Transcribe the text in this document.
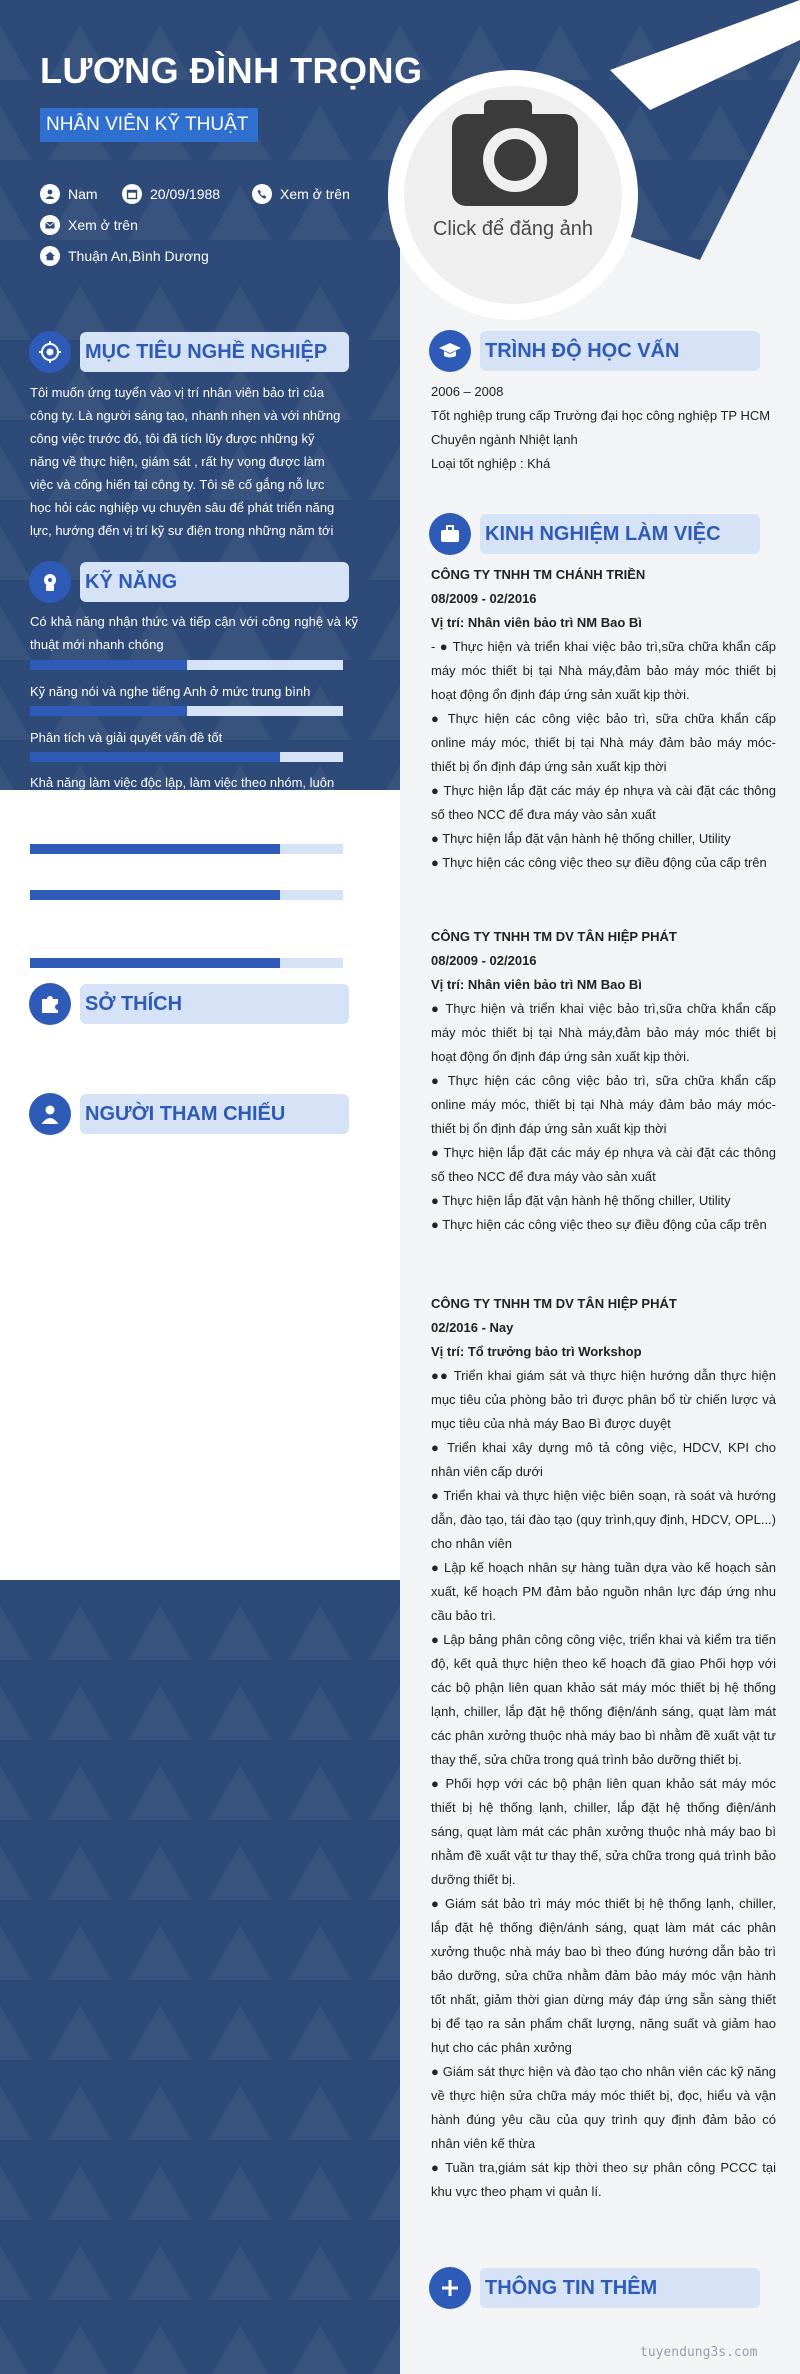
LƯƠNG ĐÌNH TRỌNG
NHÂN VIÊN KỸ THUẬT
Nam	20/09/1988	Xem ở trên
Xem ở trên
Thuận An,Bình Dương
Click để đăng ảnh
MỤC TIÊU NGHỀ NGHIỆP
Tôi muốn ứng tuyển vào vị trí nhân viên bảo trì của
công ty. Là người sáng tạo, nhanh nhẹn và với những
công việc trước đó, tôi đã tích lũy được những kỹ
năng về thực hiện, giám sát , rất hy vọng được làm
việc và cống hiến tại công ty. Tôi sẽ cố gắng nỗ lực
học hỏi các nghiệp vụ chuyên sâu để phát triển năng
lực, hướng đến vị trí kỹ sư điện trong những năm tới
KỸ NĂNG
Có khả năng nhận thức và tiếp cận với công nghệ và kỹ thuật mới nhanh chóng
Kỹ năng nói và nghe tiếng Anh ở mức trung bình
Phân tích và giải quyết vấn đề tốt
Khả năng làm việc độc lập, làm việc theo nhóm, luôn
SỞ THÍCH
NGƯỜI THAM CHIẾU
TRÌNH ĐỘ HỌC VẤN
2006 – 2008
Tốt nghiệp trung cấp Trường đại học công nghiệp TP HCM
Chuyên ngành Nhiệt lạnh
Loại tốt nghiệp : Khá
KINH NGHIỆM LÀM VIỆC
CÔNG TY TNHH TM CHÁNH TRIỀN
08/2009 - 02/2016
Vị trí: Nhân viên bảo trì NM Bao Bì
- ● Thực hiện và triển khai việc bảo trì,sữa chữa khẩn cấp máy móc thiết bị tại Nhà máy,đảm bảo máy móc thiết bị hoạt động ổn định đáp ứng sản xuất kịp thời.
● Thực hiện các công việc bảo trì, sữa chữa khẩn cấp online máy móc, thiết bị tại Nhà máy đảm bảo máy móc-thiết bị ổn định đáp ứng sản xuất kịp thời
● Thực hiện lắp đặt các máy ép nhựa và cài đặt các thông số theo NCC để đưa máy vào sản xuất
● Thực hiện lắp đặt vận hành hệ thống chiller, Utility
● Thực hiện các công việc theo sự điều động của cấp trên
CÔNG TY TNHH TM DV TÂN HIỆP PHÁT
08/2009 - 02/2016
Vị trí: Nhân viên bảo trì NM Bao Bì
● Thực hiện và triển khai việc bảo trì,sữa chữa khẩn cấp máy móc thiết bị tại Nhà máy,đảm bảo máy móc thiết bị hoạt động ổn định đáp ứng sản xuất kịp thời.
● Thực hiện các công việc bảo trì, sữa chữa khẩn cấp online máy móc, thiết bị tại Nhà máy đảm bảo máy móc-thiết bị ổn định đáp ứng sản xuất kịp thời
● Thực hiện lắp đặt các máy ép nhựa và cài đặt các thông số theo NCC để đưa máy vào sản xuất
● Thực hiện lắp đặt vận hành hệ thống chiller, Utility
● Thực hiện các công việc theo sự điều động của cấp trên
CÔNG TY TNHH TM DV TÂN HIỆP PHÁT
02/2016 - Nay
Vị trí: Tổ trưởng bảo trì Workshop
●● Triển khai giám sát và thực hiện hướng dẫn thực hiện mục tiêu của phòng bảo trì được phân bổ từ chiến lược và mục tiêu của nhà máy Bao Bì được duyệt
● Triển khai xây dựng mô tả công việc, HDCV, KPI cho nhân viên cấp dưới
● Triển khai và thực hiện việc biên soạn, rà soát và hướng dẫn, đào tạo, tái đào tạo (quy trình,quy định, HDCV, OPL...) cho nhân viên
● Lập kế hoạch nhân sự hàng tuần dựa vào kế hoạch sản xuất, kế hoạch PM đảm bảo nguồn nhân lực đáp ứng nhu cầu bảo trì.
● Lập bảng phân công công việc, triển khai và kiểm tra tiến độ, kết quả thực hiện theo kế hoạch đã giao Phối hợp với các bộ phận liên quan khảo sát máy móc thiết bị hệ thống lạnh, chiller, lắp đặt hệ thống điện/ánh sáng, quạt làm mát các phân xưởng thuộc nhà máy bao bì nhằm đề xuất vật tư thay thế, sửa chữa trong quá trình bảo dưỡng thiết bị.
● Phối hợp với các bộ phận liên quan khảo sát máy móc thiết bị hệ thống lạnh, chiller, lắp đặt hệ thống điện/ánh sáng, quạt làm mát các phân xưởng thuộc nhà máy bao bì nhằm đề xuất vật tư thay thế, sửa chữa trong quá trình bảo dưỡng thiết bị.
● Giám sát bảo trì máy móc thiết bị hệ thống lạnh, chiller, lắp đặt hệ thống điện/ánh sáng, quạt làm mát các phân xưởng thuộc nhà máy bao bì theo đúng hướng dẫn bảo trì bảo dưỡng, sửa chữa nhằm đảm bảo máy móc vận hành tốt nhất, giảm thời gian dừng máy đáp ứng sẵn sàng thiết bị để tạo ra sản phẩm chất lượng, năng suất và giảm hao hụt cho các phân xưởng
● Giám sát thực hiện và đào tạo cho nhân viên các kỹ năng về thực hiện sửa chữa máy móc thiết bị, đọc, hiểu và vận hành đúng yêu cầu của quy trình quy định đảm bảo có nhân viên kế thừa
● Tuần tra,giám sát kịp thời theo sự phân công PCCC tại khu vực theo phạm vi quản lí.
THÔNG TIN THÊM
tuyendung3s.com
